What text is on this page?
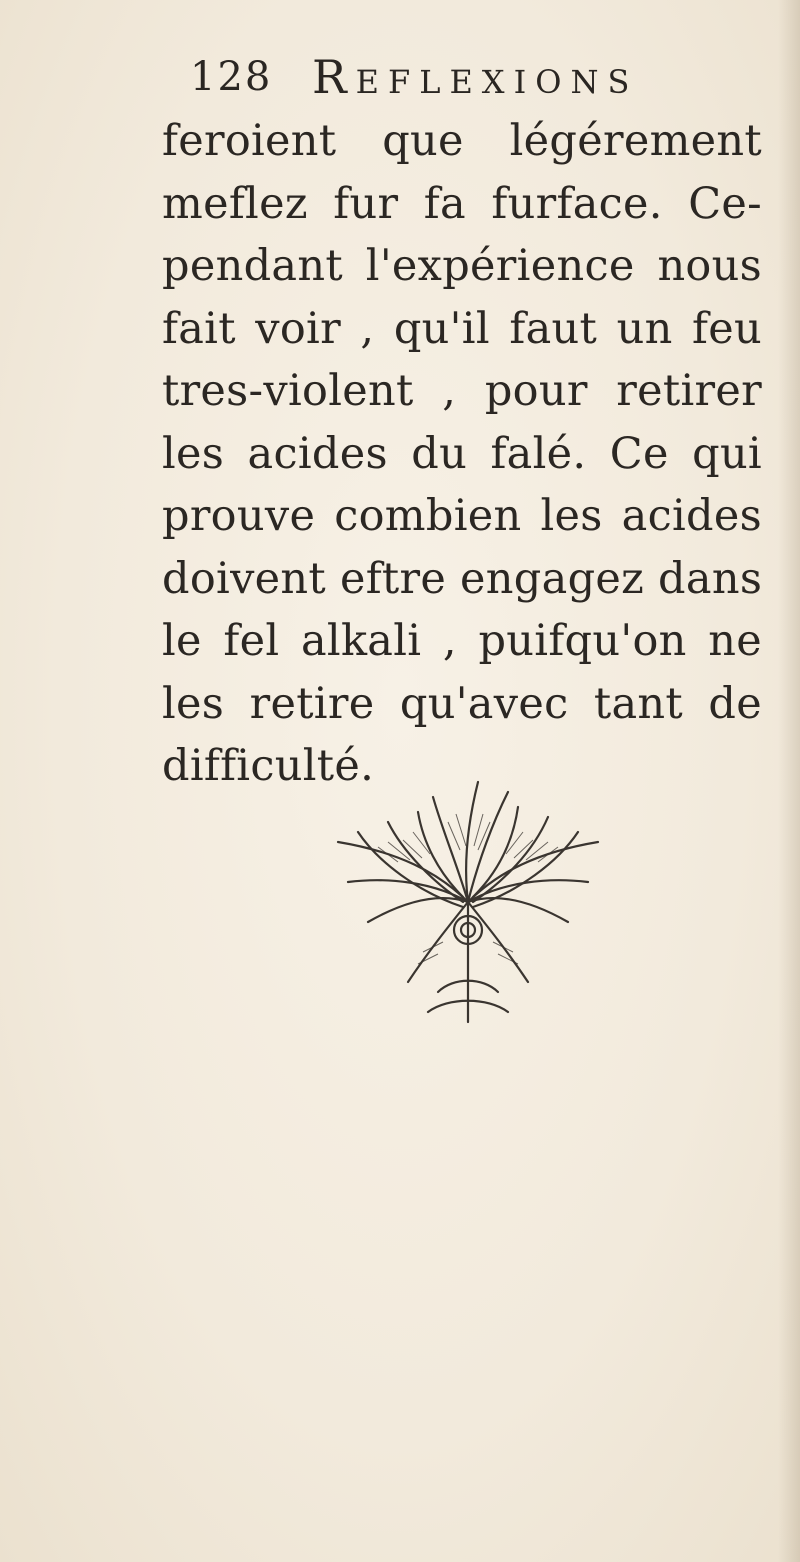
128 Reflexions
feroient que légérement
meflez fur fa furface. Ce-
pendant l'expérience nous
fait voir , qu'il faut un feu
tres-violent , pour retirer
les acides du falé. Ce qui
prouve combien les acides
doivent eftre engagez dans
le fel alkali , puifqu'on ne
les retire qu'avec tant de
difficulté.
